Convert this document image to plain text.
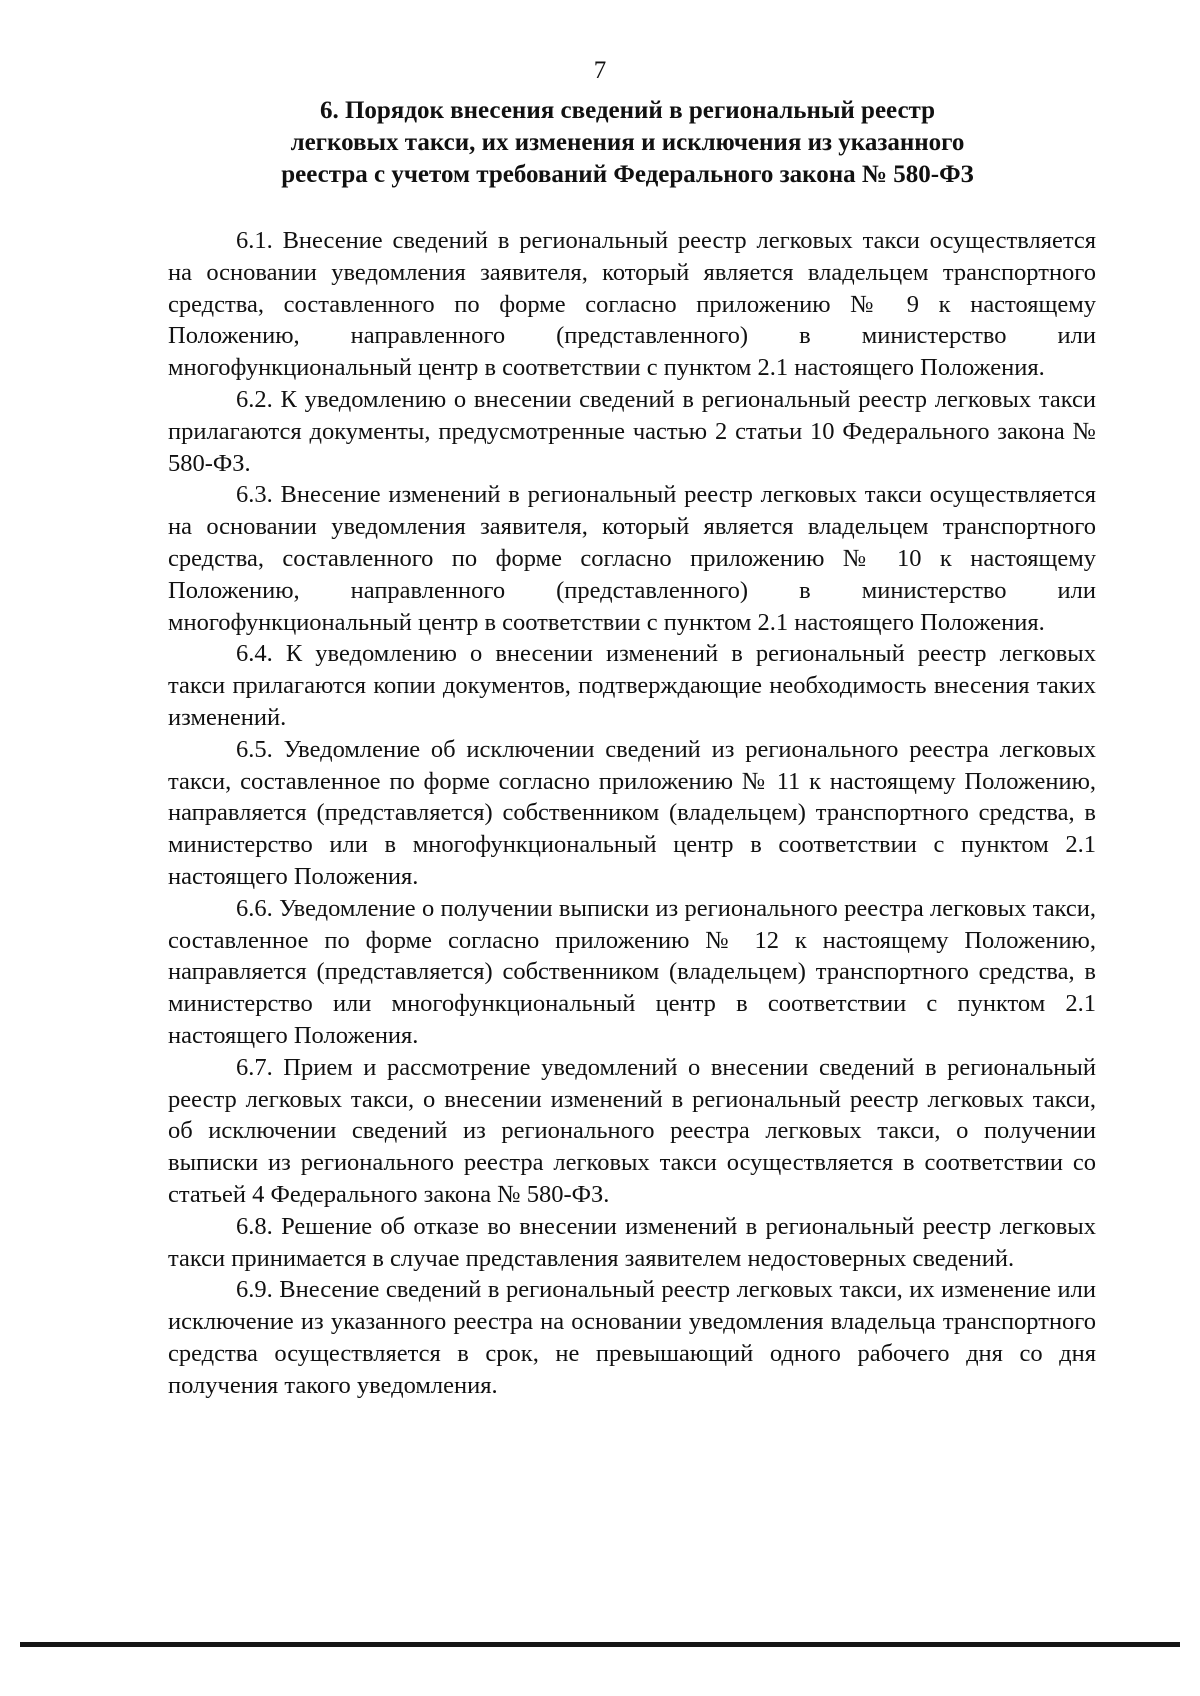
7
6. Порядок внесения сведений в региональный реестр
легковых такси, их изменения и исключения из указанного
реестра с учетом требований Федерального закона № 580-ФЗ

6.1. Внесение сведений в региональный реестр легковых такси осуществляется на основании уведомления заявителя, который является владельцем транспортного средства, составленного по форме согласно приложению № 9 к настоящему Положению, направленного (представленного) в министерство или многофункциональный центр в соответствии с пунктом 2.1 настоящего Положения.

6.2. К уведомлению о внесении сведений в региональный реестр легковых такси прилагаются документы, предусмотренные частью 2 статьи 10 Федерального закона № 580-ФЗ.

6.3. Внесение изменений в региональный реестр легковых такси осуществляется на основании уведомления заявителя, который является владельцем транспортного средства, составленного по форме согласно приложению № 10 к настоящему Положению, направленного (представленного) в министерство или многофункциональный центр в соответствии с пунктом 2.1 настоящего Положения.

6.4. К уведомлению о внесении изменений в региональный реестр легковых такси прилагаются копии документов, подтверждающие необходимость внесения таких изменений.

6.5. Уведомление об исключении сведений из регионального реестра легковых такси, составленное по форме согласно приложению № 11 к настоящему Положению, направляется (представляется) собственником (владельцем) транспортного средства, в министерство или в многофункциональный центр в соответствии с пунктом 2.1 настоящего Положения.

6.6. Уведомление о получении выписки из регионального реестра легковых такси, составленное по форме согласно приложению № 12 к настоящему Положению, направляется (представляется) собственником (владельцем) транспортного средства, в министерство или многофункциональный центр в соответствии с пунктом 2.1 настоящего Положения.

6.7. Прием и рассмотрение уведомлений о внесении сведений в региональный реестр легковых такси, о внесении изменений в региональный реестр легковых такси, об исключении сведений из регионального реестра легковых такси, о получении выписки из регионального реестра легковых такси осуществляется в соответствии со статьей 4 Федерального закона № 580-ФЗ.

6.8. Решение об отказе во внесении изменений в региональный реестр легковых такси принимается в случае представления заявителем недостоверных сведений.

6.9. Внесение сведений в региональный реестр легковых такси, их изменение или исключение из указанного реестра на основании уведомления владельца транспортного средства осуществляется в срок, не превышающий одного рабочего дня со дня получения такого уведомления.
